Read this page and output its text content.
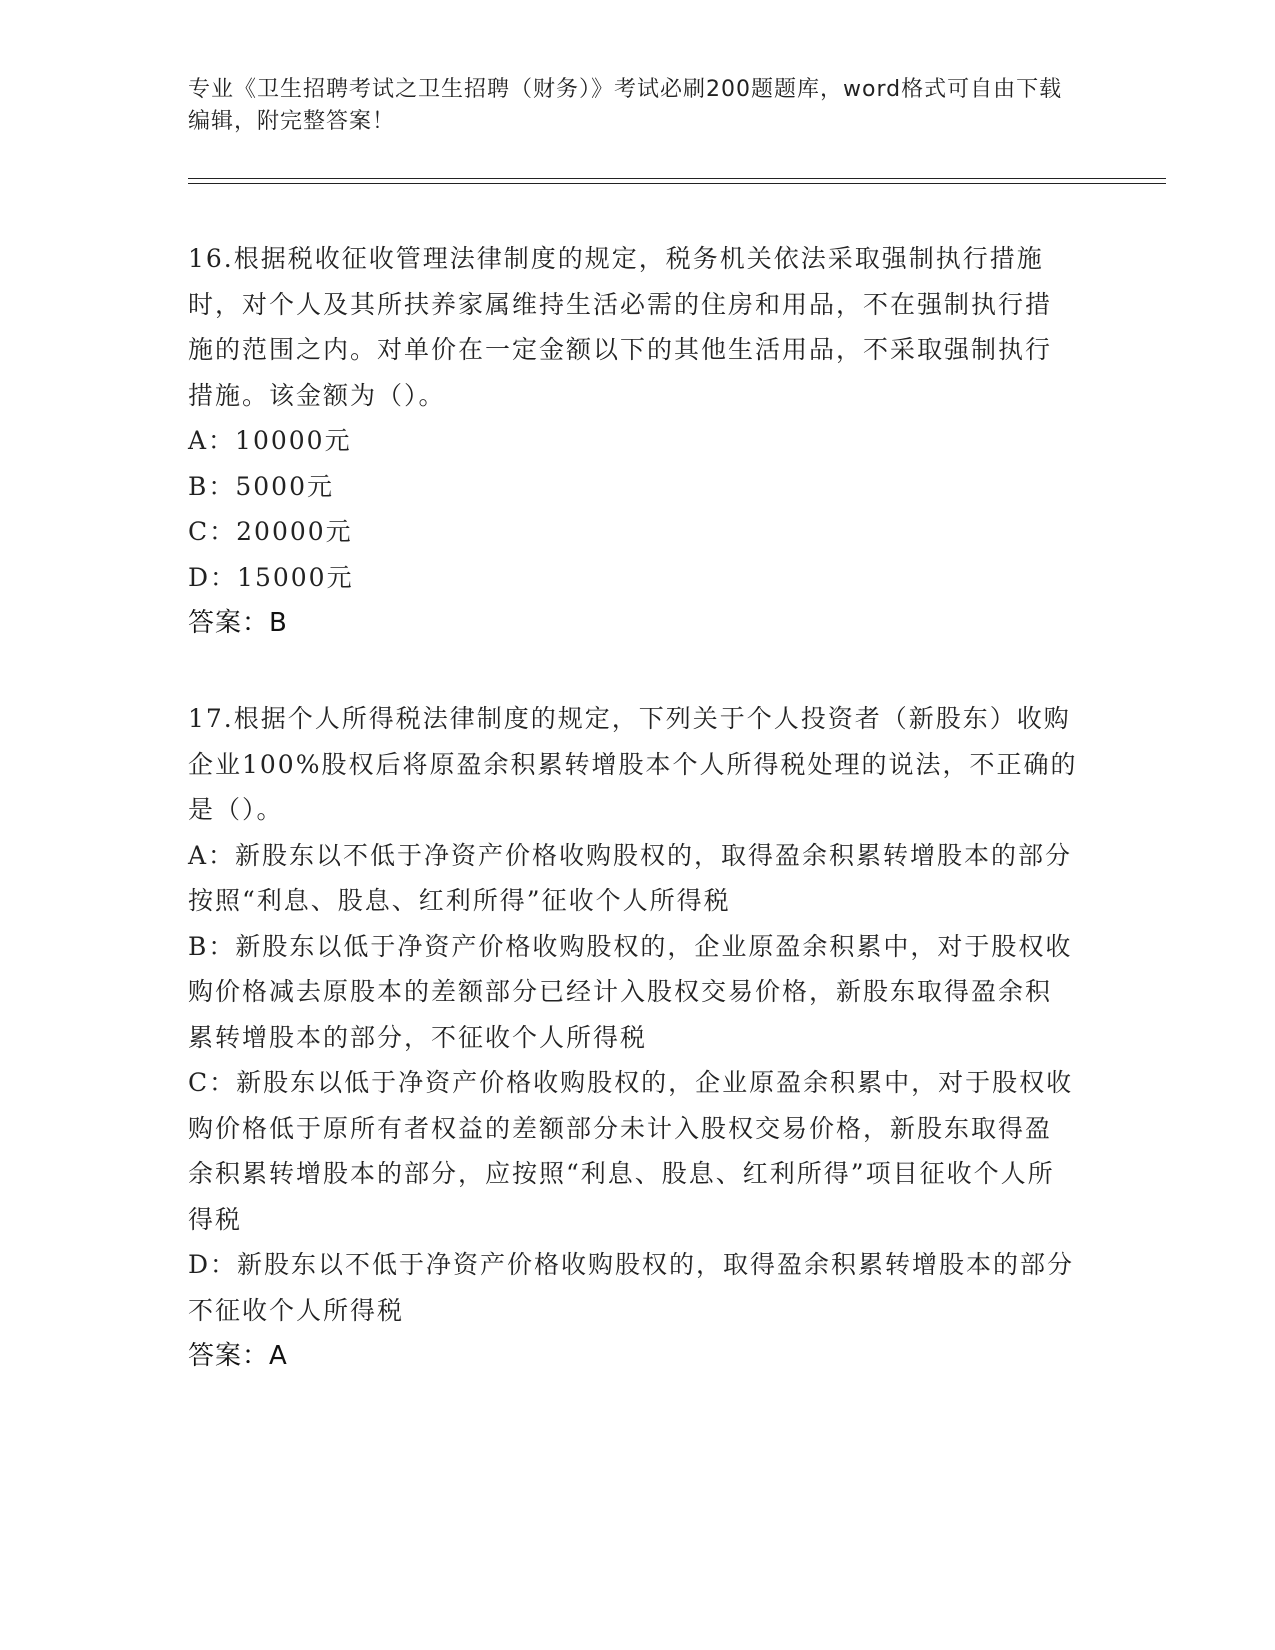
专业《卫生招聘考试之卫生招聘（财务）》考试必刷200题题库，word格式可自由下载编辑，附完整答案！
16.根据税收征收管理法律制度的规定，税务机关依法采取强制执行措施时，对个人及其所扶养家属维持生活必需的住房和用品，不在强制执行措施的范围之内。对单价在一定金额以下的其他生活用品，不采取强制执行措施。该金额为（）。
A：10000元
B：5000元
C：20000元
D：15000元
答案：B
17.根据个人所得税法律制度的规定，下列关于个人投资者（新股东）收购企业100%股权后将原盈余积累转增股本个人所得税处理的说法，不正确的是（）。
A：新股东以不低于净资产价格收购股权的，取得盈余积累转增股本的部分按照“利息、股息、红利所得”征收个人所得税
B：新股东以低于净资产价格收购股权的，企业原盈余积累中，对于股权收购价格减去原股本的差额部分已经计入股权交易价格，新股东取得盈余积累转增股本的部分，不征收个人所得税
C：新股东以低于净资产价格收购股权的，企业原盈余积累中，对于股权收购价格低于原所有者权益的差额部分未计入股权交易价格，新股东取得盈余积累转增股本的部分，应按照“利息、股息、红利所得”项目征收个人所得税
D：新股东以不低于净资产价格收购股权的，取得盈余积累转增股本的部分不征收个人所得税
答案：A
